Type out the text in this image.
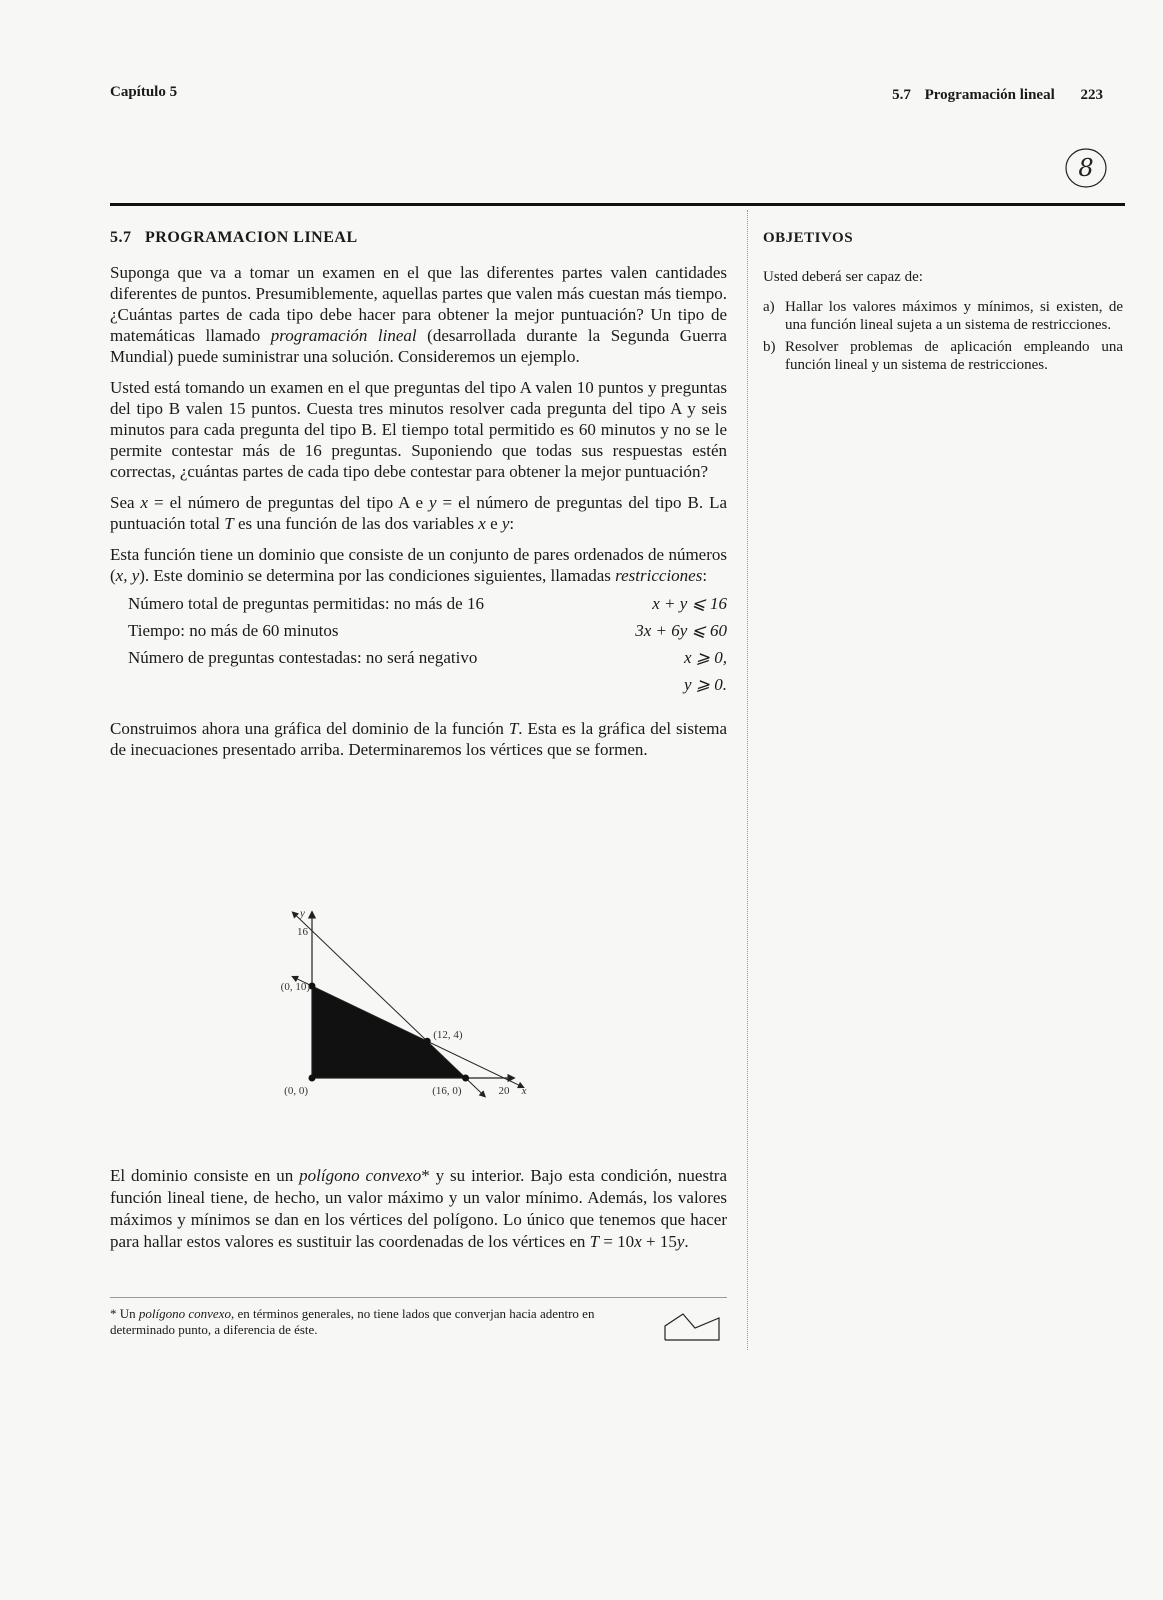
Capítulo 5	5.7 Programación lineal 223
8

5.7 PROGRAMACION LINEAL

Suponga que va a tomar un examen en el que las diferentes partes valen cantidades diferentes de puntos. Presumiblemente, aquellas partes que valen más cuestan más tiempo. ¿Cuántas partes de cada tipo debe hacer para obtener la mejor puntuación? Un tipo de matemáticas llamado programación lineal (desarrollada durante la Segunda Guerra Mundial) puede suministrar una solución. Consideremos un ejemplo.

Usted está tomando un examen en el que preguntas del tipo A valen 10 puntos y preguntas del tipo B valen 15 puntos. Cuesta tres minutos resolver cada pregunta del tipo A y seis minutos para cada pregunta del tipo B. El tiempo total permitido es 60 minutos y no se le permite contestar más de 16 preguntas. Suponiendo que todas sus respuestas estén correctas, ¿cuántas partes de cada tipo debe contestar para obtener la mejor puntuación?

Sea x = el número de preguntas del tipo A e y = el número de preguntas del tipo B. La puntuación total T es una función de las dos variables x e y:

Esta función tiene un dominio que consiste de un conjunto de pares ordenados de números (x, y). Este dominio se determina por las condiciones siguientes, llamadas restricciones:

Número total de preguntas permitidas: no más de 16	x + y ⩽ 16
Tiempo: no más de 60 minutos	3x + 6y ⩽ 60
Número de preguntas contestadas: no será negativo	x ⩾ 0,
y ⩾ 0.

Construimos ahora una gráfica del dominio de la función T. Esta es la gráfica del sistema de inecuaciones presentado arriba. Determinaremos los vértices que se formen.

y
x
16
20
(0, 0)
(0, 10)
(12, 4)
(16, 0)

El dominio consiste en un polígono convexo* y su interior. Bajo esta condición, nuestra función lineal tiene, de hecho, un valor máximo y un valor mínimo. Además, los valores máximos y mínimos se dan en los vértices del polígono. Lo único que tenemos que hacer para hallar estos valores es sustituir las coordenadas de los vértices en T = 10x + 15y.

* Un polígono convexo, en términos generales, no tiene lados que converjan hacia adentro en determinado punto, a diferencia de éste.
OBJETIVOS
Usted deberá ser capaz de:
a) Hallar los valores máximos y mínimos, si existen, de una función lineal sujeta a un sistema de restricciones.
b) Resolver problemas de aplicación empleando una función lineal y un sistema de restricciones.
